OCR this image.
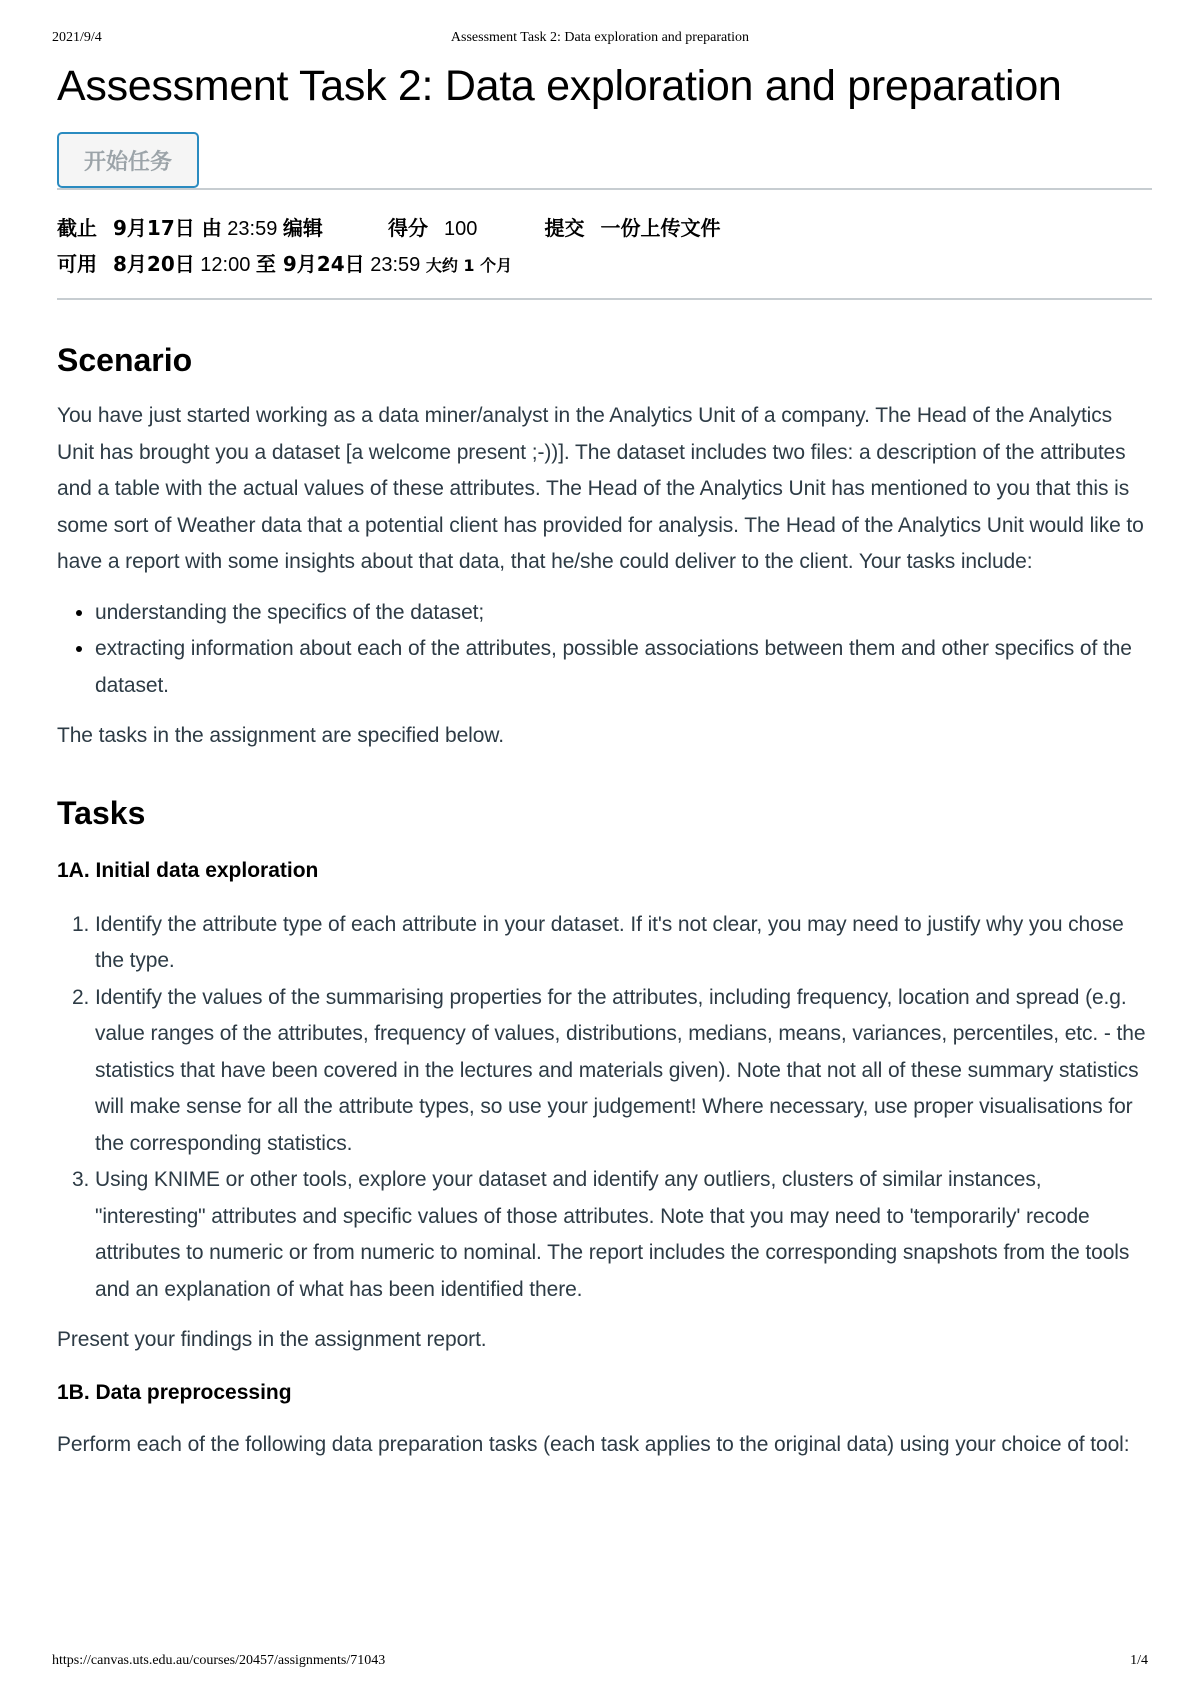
2021/9/4	Assessment Task 2: Data exploration and preparation
Assessment Task 2: Data exploration and preparation
开始任务
截止 9月17日 由 23:59 编辑	得分 100	提交 一份上传文件
可用 8月20日 12:00 至 9月24日 23:59 大约 1 个月
Scenario

You have just started working as a data miner/analyst in the Analytics Unit of a company. The Head of the Analytics Unit has brought you a dataset [a welcome present ;-))]. The dataset includes two files: a description of the attributes and a table with the actual values of these attributes. The Head of the Analytics Unit has mentioned to you that this is some sort of Weather data that a potential client has provided for analysis. The Head of the Analytics Unit would like to have a report with some insights about that data, that he/she could deliver to the client. Your tasks include:

• understanding the specifics of the dataset;
• extracting information about each of the attributes, possible associations between them and other specifics of the dataset.

The tasks in the assignment are specified below.

Tasks
1A. Initial data exploration
1. Identify the attribute type of each attribute in your dataset. If it's not clear, you may need to justify why you chose the type.
2. Identify the values of the summarising properties for the attributes, including frequency, location and spread (e.g. value ranges of the attributes, frequency of values, distributions, medians, means, variances, percentiles, etc. - the statistics that have been covered in the lectures and materials given). Note that not all of these summary statistics will make sense for all the attribute types, so use your judgement! Where necessary, use proper visualisations for the corresponding statistics.
3. Using KNIME or other tools, explore your dataset and identify any outliers, clusters of similar instances, "interesting" attributes and specific values of those attributes. Note that you may need to 'temporarily' recode attributes to numeric or from numeric to nominal. The report includes the corresponding snapshots from the tools and an explanation of what has been identified there.

Present your findings in the assignment report.

1B. Data preprocessing

Perform each of the following data preparation tasks (each task applies to the original data) using your choice of tool:

https://canvas.uts.edu.au/courses/20457/assignments/71043	1/4
